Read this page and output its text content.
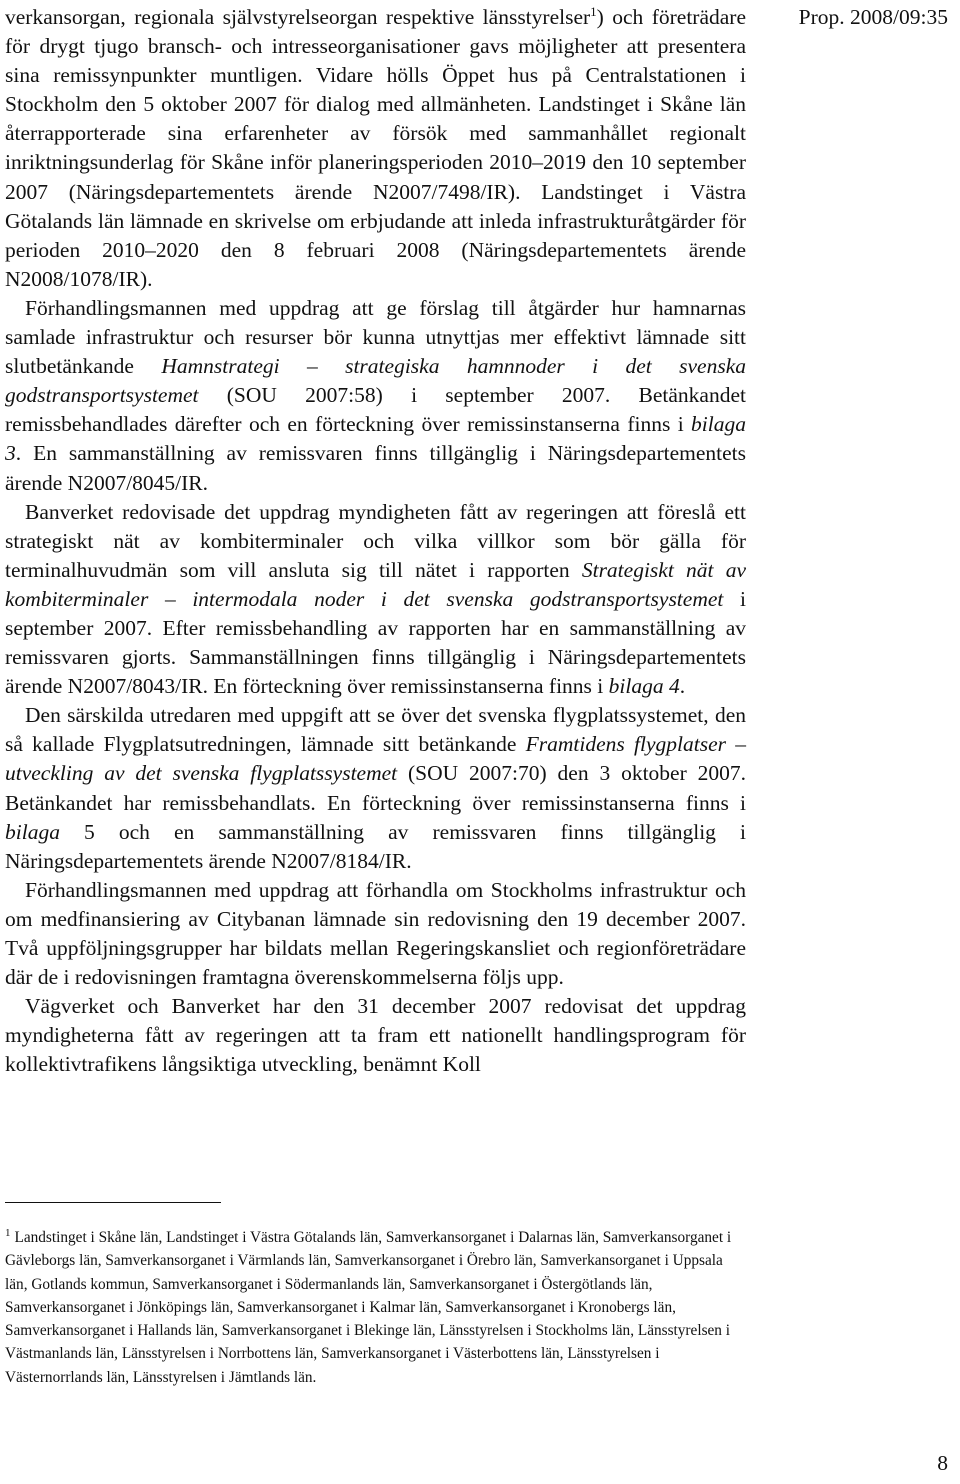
Prop. 2008/09:35

verkansorgan, regionala självstyrelseorgan respektive länsstyrelser$^1$) och företrädare för drygt tjugo bransch- och intresseorganisationer gavs möjligheter att presentera sina remissynpunkter muntligen. Vidare hölls Öppet hus på Centralstationen i Stockholm den 5 oktober 2007 för dialog med allmänheten. Landstinget i Skåne län återrapporterade sina erfarenheter av försök med sammanhållet regionalt inriktningsunderlag för Skåne inför planeringsperioden 2010–2019 den 10 september 2007 (Näringsdepartementets ärende N2007/7498/IR). Landstinget i Västra Götalands län lämnade en skrivelse om erbjudande att inleda infrastrukturåtgärder för perioden 2010–2020 den 8 februari 2008 (Näringsdepartementets ärende N2008/1078/IR).

Förhandlingsmannen med uppdrag att ge förslag till åtgärder hur hamnarnas samlade infrastruktur och resurser bör kunna utnyttjas mer effektivt lämnade sitt slutbetänkande Hamnstrategi – strategiska hamnnoder i det svenska godstransportsystemet (SOU 2007:58) i september 2007. Betänkandet remissbehandlades därefter och en förteckning över remissinstanserna finns i bilaga 3. En sammanställning av remissvaren finns tillgänglig i Näringsdepartementets ärende N2007/8045/IR.

Banverket redovisade det uppdrag myndigheten fått av regeringen att föreslå ett strategiskt nät av kombiterminaler och vilka villkor som bör gälla för terminalhuvudmän som vill ansluta sig till nätet i rapporten Strategiskt nät av kombiterminaler – intermodala noder i det svenska godstransportsystemet i september 2007. Efter remissbehandling av rapporten har en sammanställning av remissvaren gjorts. Sammanställningen finns tillgänglig i Näringsdepartementets ärende N2007/8043/IR. En förteckning över remissinstanserna finns i bilaga 4.

Den särskilda utredaren med uppgift att se över det svenska flygplatssystemet, den så kallade Flygplatsutredningen, lämnade sitt betänkande Framtidens flygplatser – utveckling av det svenska flygplatssystemet (SOU 2007:70) den 3 oktober 2007. Betänkandet har remissbehandlats. En förteckning över remissinstanserna finns i bilaga 5 och en sammanställning av remissvaren finns tillgänglig i Näringsdepartementets ärende N2007/8184/IR.

Förhandlingsmannen med uppdrag att förhandla om Stockholms infrastruktur och om medfinansiering av Citybanan lämnade sin redovisning den 19 december 2007. Två uppföljningsgrupper har bildats mellan Regeringskansliet och regionföreträdare där de i redovisningen framtagna överenskommelserna följs upp.

Vägverket och Banverket har den 31 december 2007 redovisat det uppdrag myndigheterna fått av regeringen att ta fram ett nationellt handlingsprogram för kollektivtrafikens långsiktiga utveckling, benämnt Koll

$^1$ Landstinget i Skåne län, Landstinget i Västra Götalands län, Samverkansorganet i Dalarnas län, Samverkansorganet i Gävleborgs län, Samverkansorganet i Värmlands län, Samverkansorganet i Örebro län, Samverkansorganet i Uppsala län, Gotlands kommun, Samverkansorganet i Södermanlands län, Samverkansorganet i Östergötlands län, Samverkansorganet i Jönköpings län, Samverkansorganet i Kalmar län, Samverkansorganet i Kronobergs län, Samverkansorganet i Hallands län, Samverkansorganet i Blekinge län, Länsstyrelsen i Stockholms län, Länsstyrelsen i Västmanlands län, Länsstyrelsen i Norrbottens län, Samverkansorganet i Västerbottens län, Länsstyrelsen i Västernorrlands län, Länsstyrelsen i Jämtlands län.
8
